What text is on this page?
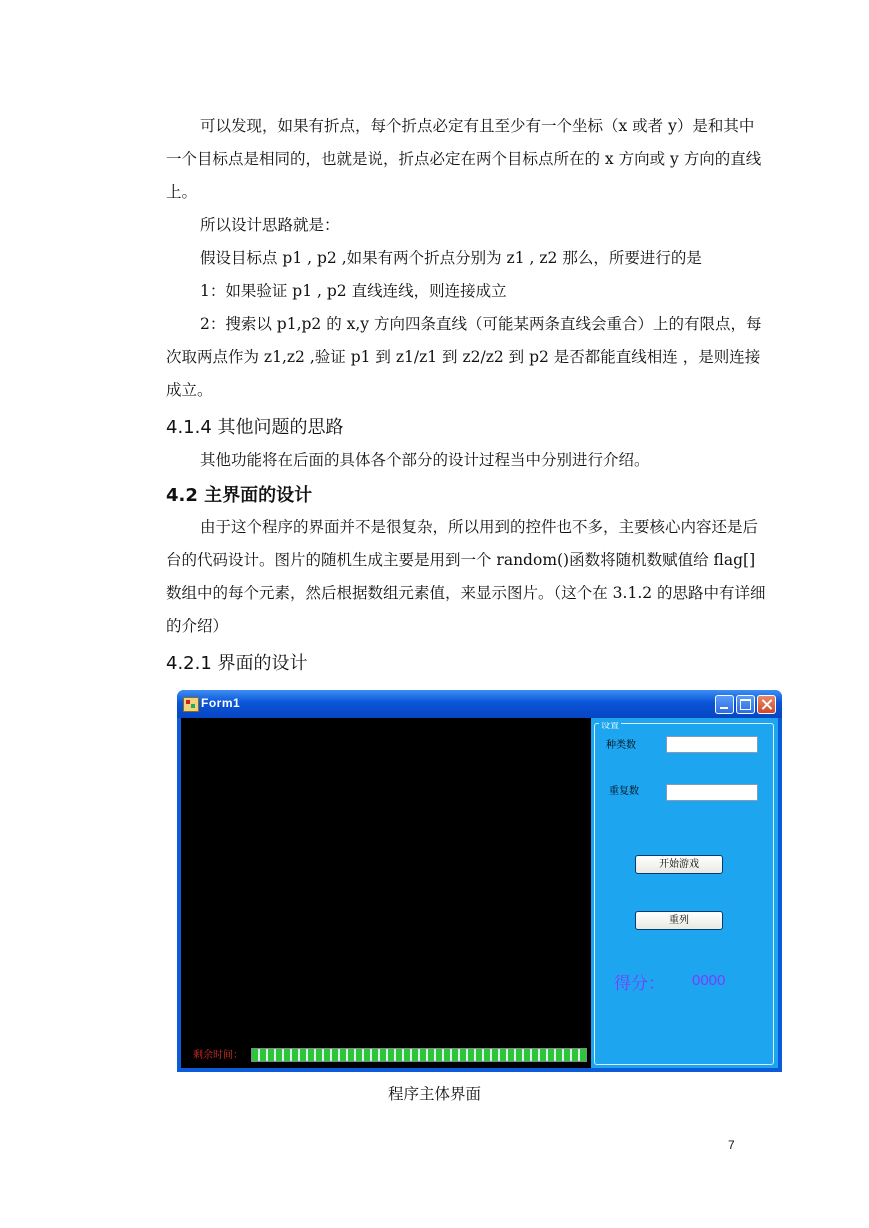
可以发现，如果有折点，每个折点必定有且至少有一个坐标（x 或者 y）是和其中一个目标点是相同的，也就是说，折点必定在两个目标点所在的 x 方向或 y 方向的直线上。
所以设计思路就是：
假设目标点 p1 , p2 ,如果有两个折点分别为 z1 , z2 那么，所要进行的是
1：如果验证 p1 , p2 直线连线，则连接成立
2：搜索以 p1,p2 的 x,y 方向四条直线（可能某两条直线会重合）上的有限点，每次取两点作为 z1,z2 ,验证 p1 到 z1/z1 到 z2/z2 到 p2 是否都能直线相连 ，是则连接成立。
4.1.4 其他问题的思路
其他功能将在后面的具体各个部分的设计过程当中分别进行介绍。
4.2 主界面的设计
由于这个程序的界面并不是很复杂，所以用到的控件也不多，主要核心内容还是后台的代码设计。图片的随机生成主要是用到一个 random()函数将随机数赋值给 flag[]数组中的每个元素，然后根据数组元素值，来显示图片。（这个在 3.1.2 的思路中有详细的介绍）
4.2.1 界面的设计
Form1
剩余时间：
设置
种类数
重复数
开始游戏
重列
得分： 0000
程序主体界面
7
